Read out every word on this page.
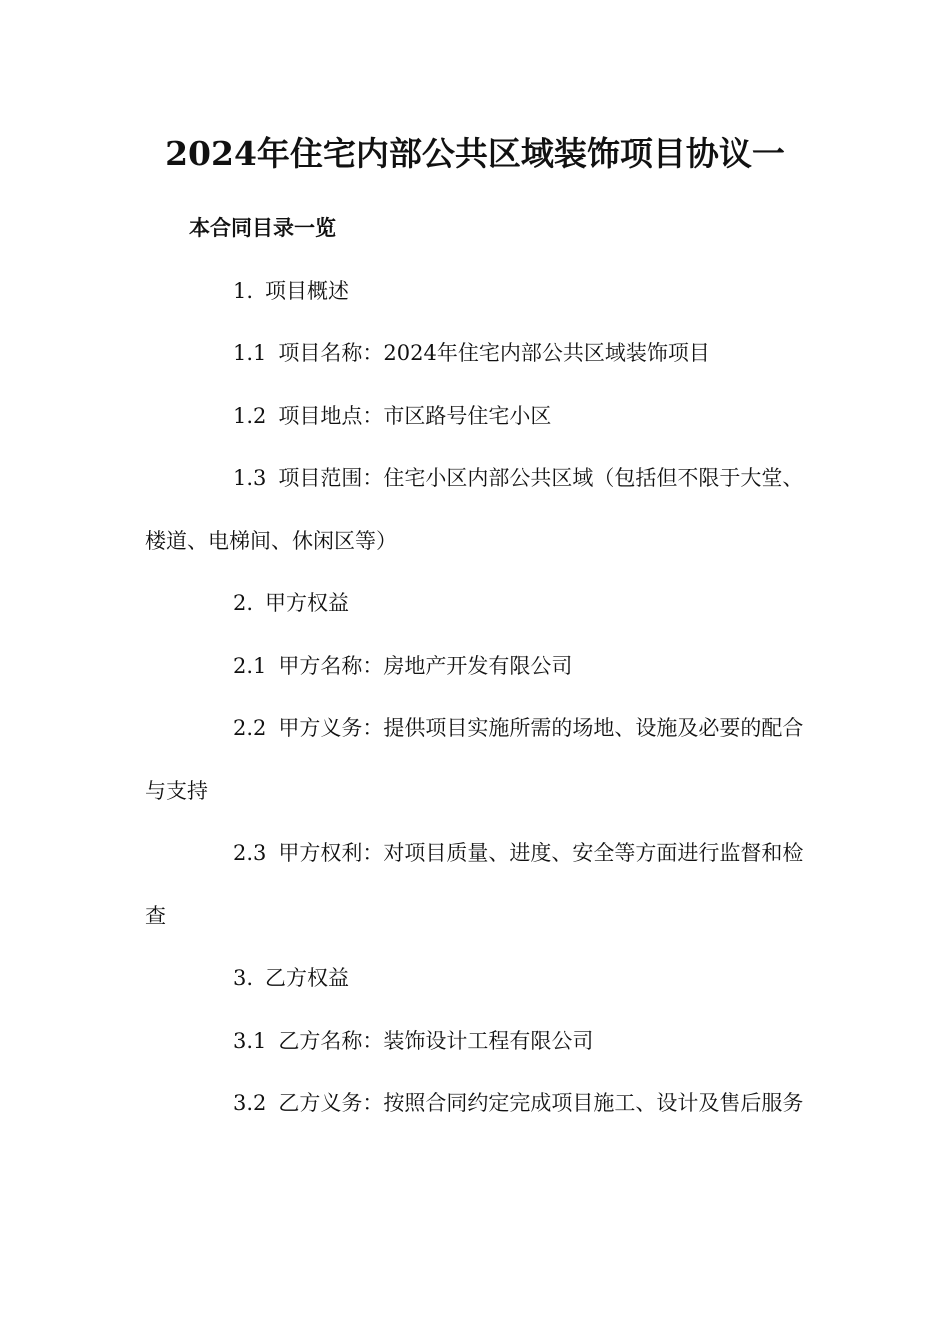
2024年住宅内部公共区域装饰项目协议一

本合同目录一览

1. 项目概述

1.1 项目名称：2024年住宅内部公共区域装饰项目

1.2 项目地点：市区路号住宅小区

1.3 项目范围：住宅小区内部公共区域（包括但不限于大堂、楼道、电梯间、休闲区等）

2. 甲方权益

2.1 甲方名称：房地产开发有限公司

2.2 甲方义务：提供项目实施所需的场地、设施及必要的配合与支持

2.3 甲方权利：对项目质量、进度、安全等方面进行监督和检查

3. 乙方权益

3.1 乙方名称：装饰设计工程有限公司

3.2 乙方义务：按照合同约定完成项目施工、设计及售后服务
